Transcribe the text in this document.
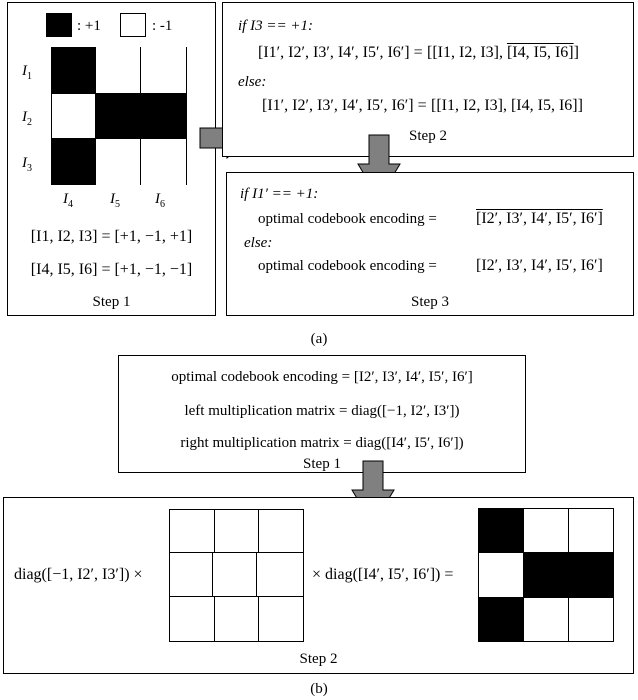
: +1	: -1
$I_1$
$I_2$
$I_3$
$I_4$ $I_5$ $I_6$
[I1, I2, I3] = [+1, −1, +1]
[I4, I5, I6] = [+1, −1, −1]
Step 1
if I3 == +1:
[I1′, I2′, I3′, I4′, I5′, I6′] = [[I1, I2, I3], [I4, I5, I6]]
else:
[I1′, I2′, I3′, I4′, I5′, I6′] = [[I1, I2, I3], [I4, I5, I6]]
Step 2
if I1′ == +1:
optimal codebook encoding = [I2′, I3′, I4′, I5′, I6′]
else:
optimal codebook encoding = [I2′, I3′, I4′, I5′, I6′]
Step 3
(a)
optimal codebook encoding = [I2′, I3′, I4′, I5′, I6′]
left multiplication matrix = diag([−1, I2′, I3′])
right multiplication matrix = diag([I4′, I5′, I6′])
Step 1
diag([−1, I2′, I3′]) ×	× diag([I4′, I5′, I6′]) =
Step 2
(b)
